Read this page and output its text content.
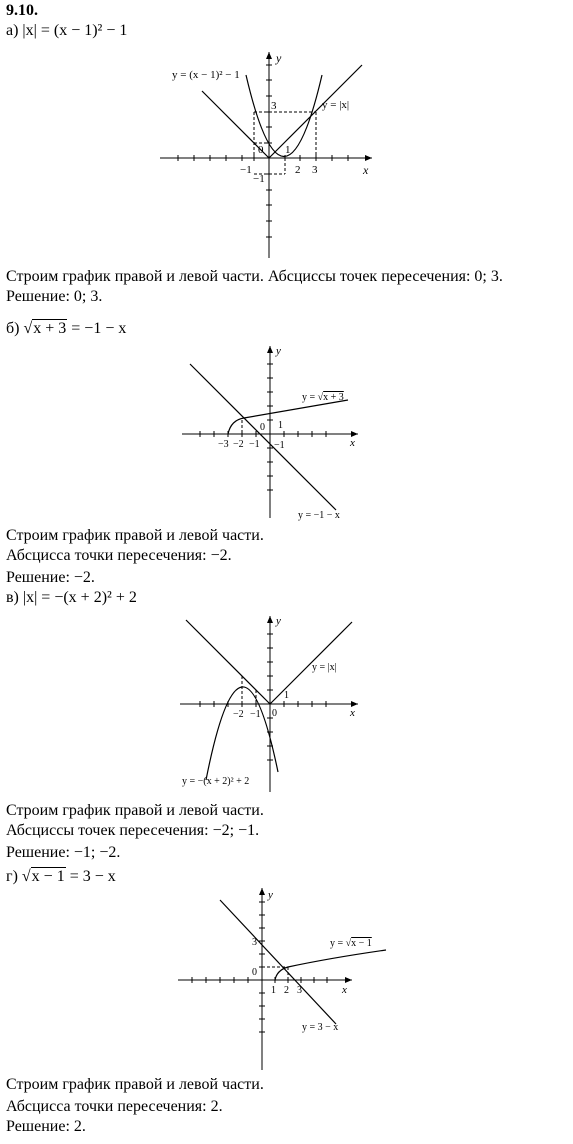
9.10.
а) |x| = (x − 1)² − 1
y
x
0
y = (x − 1)² − 1
y = |x|
3
−1
−1
1
2 3
Строим график правой и левой части. Абсциссы точек пересечения: 0; 3.
Решение: 0; 3.
б) √x + 3 = −1 − x
y
x
0 1
−3 −2 −1 −1
y = √x + 3
y = −1 − x
Строим график правой и левой части.
Абсцисса точки пересечения: −2.
Решение: −2.
в) |x| = −(x + 2)² + 2
y
x
0
1
−2 −1
y = |x|
y = −(x + 2)² + 2
Строим график правой и левой части.
Абсциссы точек пересечения: −2; −1.
Решение: −1; −2.
г) √x − 1 = 3 − x
y
x
0
3
1 2 3
y = √x − 1
y = 3 − x
Строим график правой и левой части.
Абсцисса точки пересечения: 2.
Решение: 2.
